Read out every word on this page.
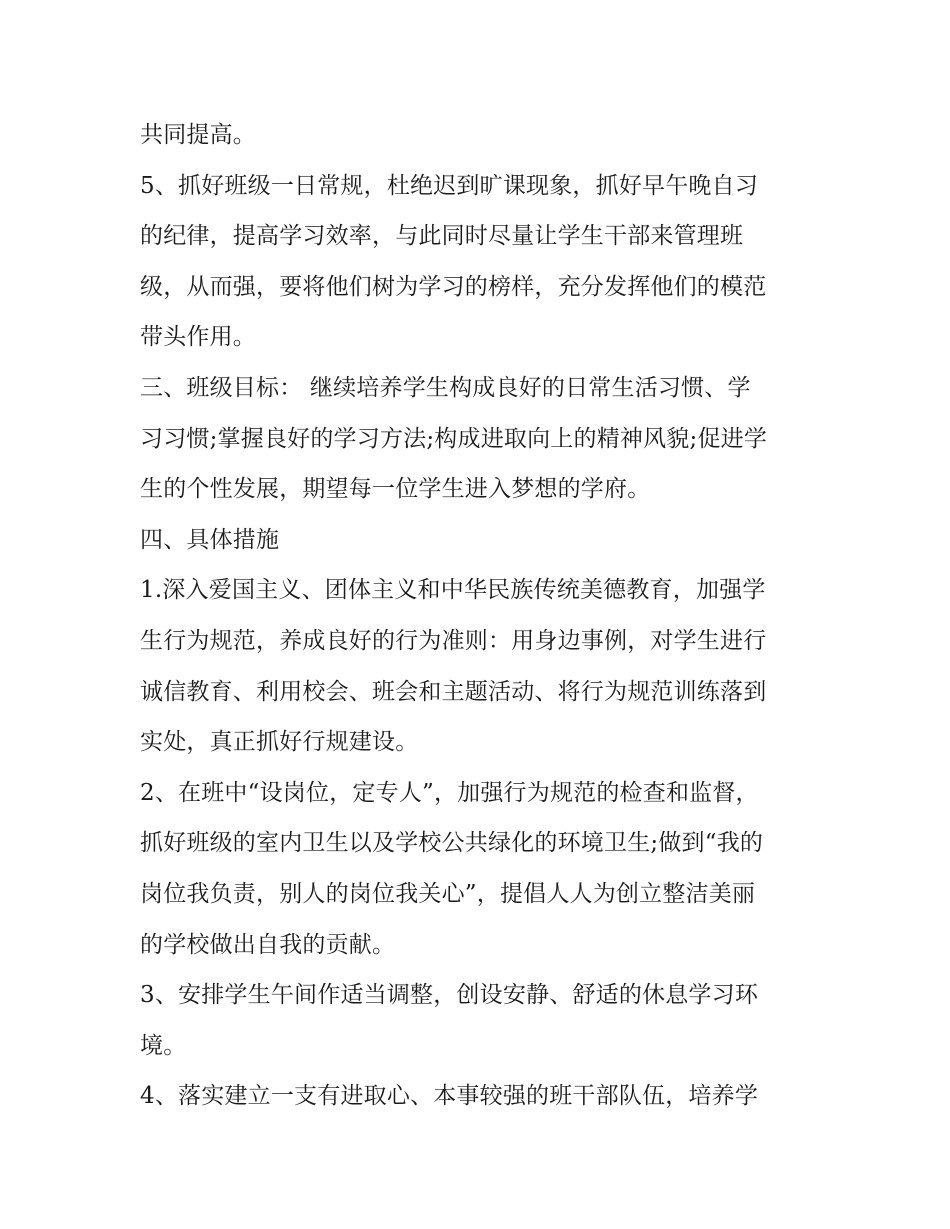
共同提高。
5、抓好班级一日常规，杜绝迟到旷课现象，抓好早午晚自习
的纪律，提高学习效率，与此同时尽量让学生干部来管理班
级，从而强，要将他们树为学习的榜样，充分发挥他们的模范
带头作用。
三、班级目标： 继续培养学生构成良好的日常生活习惯、学
习习惯;掌握良好的学习方法;构成进取向上的精神风貌;促进学
生的个性发展，期望每一位学生进入梦想的学府。
四、具体措施
1.深入爱国主义、团体主义和中华民族传统美德教育，加强学
生行为规范，养成良好的行为准则：用身边事例，对学生进行
诚信教育、利用校会、班会和主题活动、将行为规范训练落到
实处，真正抓好行规建设。
2、在班中“设岗位，定专人”，加强行为规范的检查和监督，
抓好班级的室内卫生以及学校公共绿化的环境卫生;做到“我的
岗位我负责，别人的岗位我关心”，提倡人人为创立整洁美丽
的学校做出自我的贡献。
3、安排学生午间作适当调整，创设安静、舒适的休息学习环
境。
4、落实建立一支有进取心、本事较强的班干部队伍，培养学
